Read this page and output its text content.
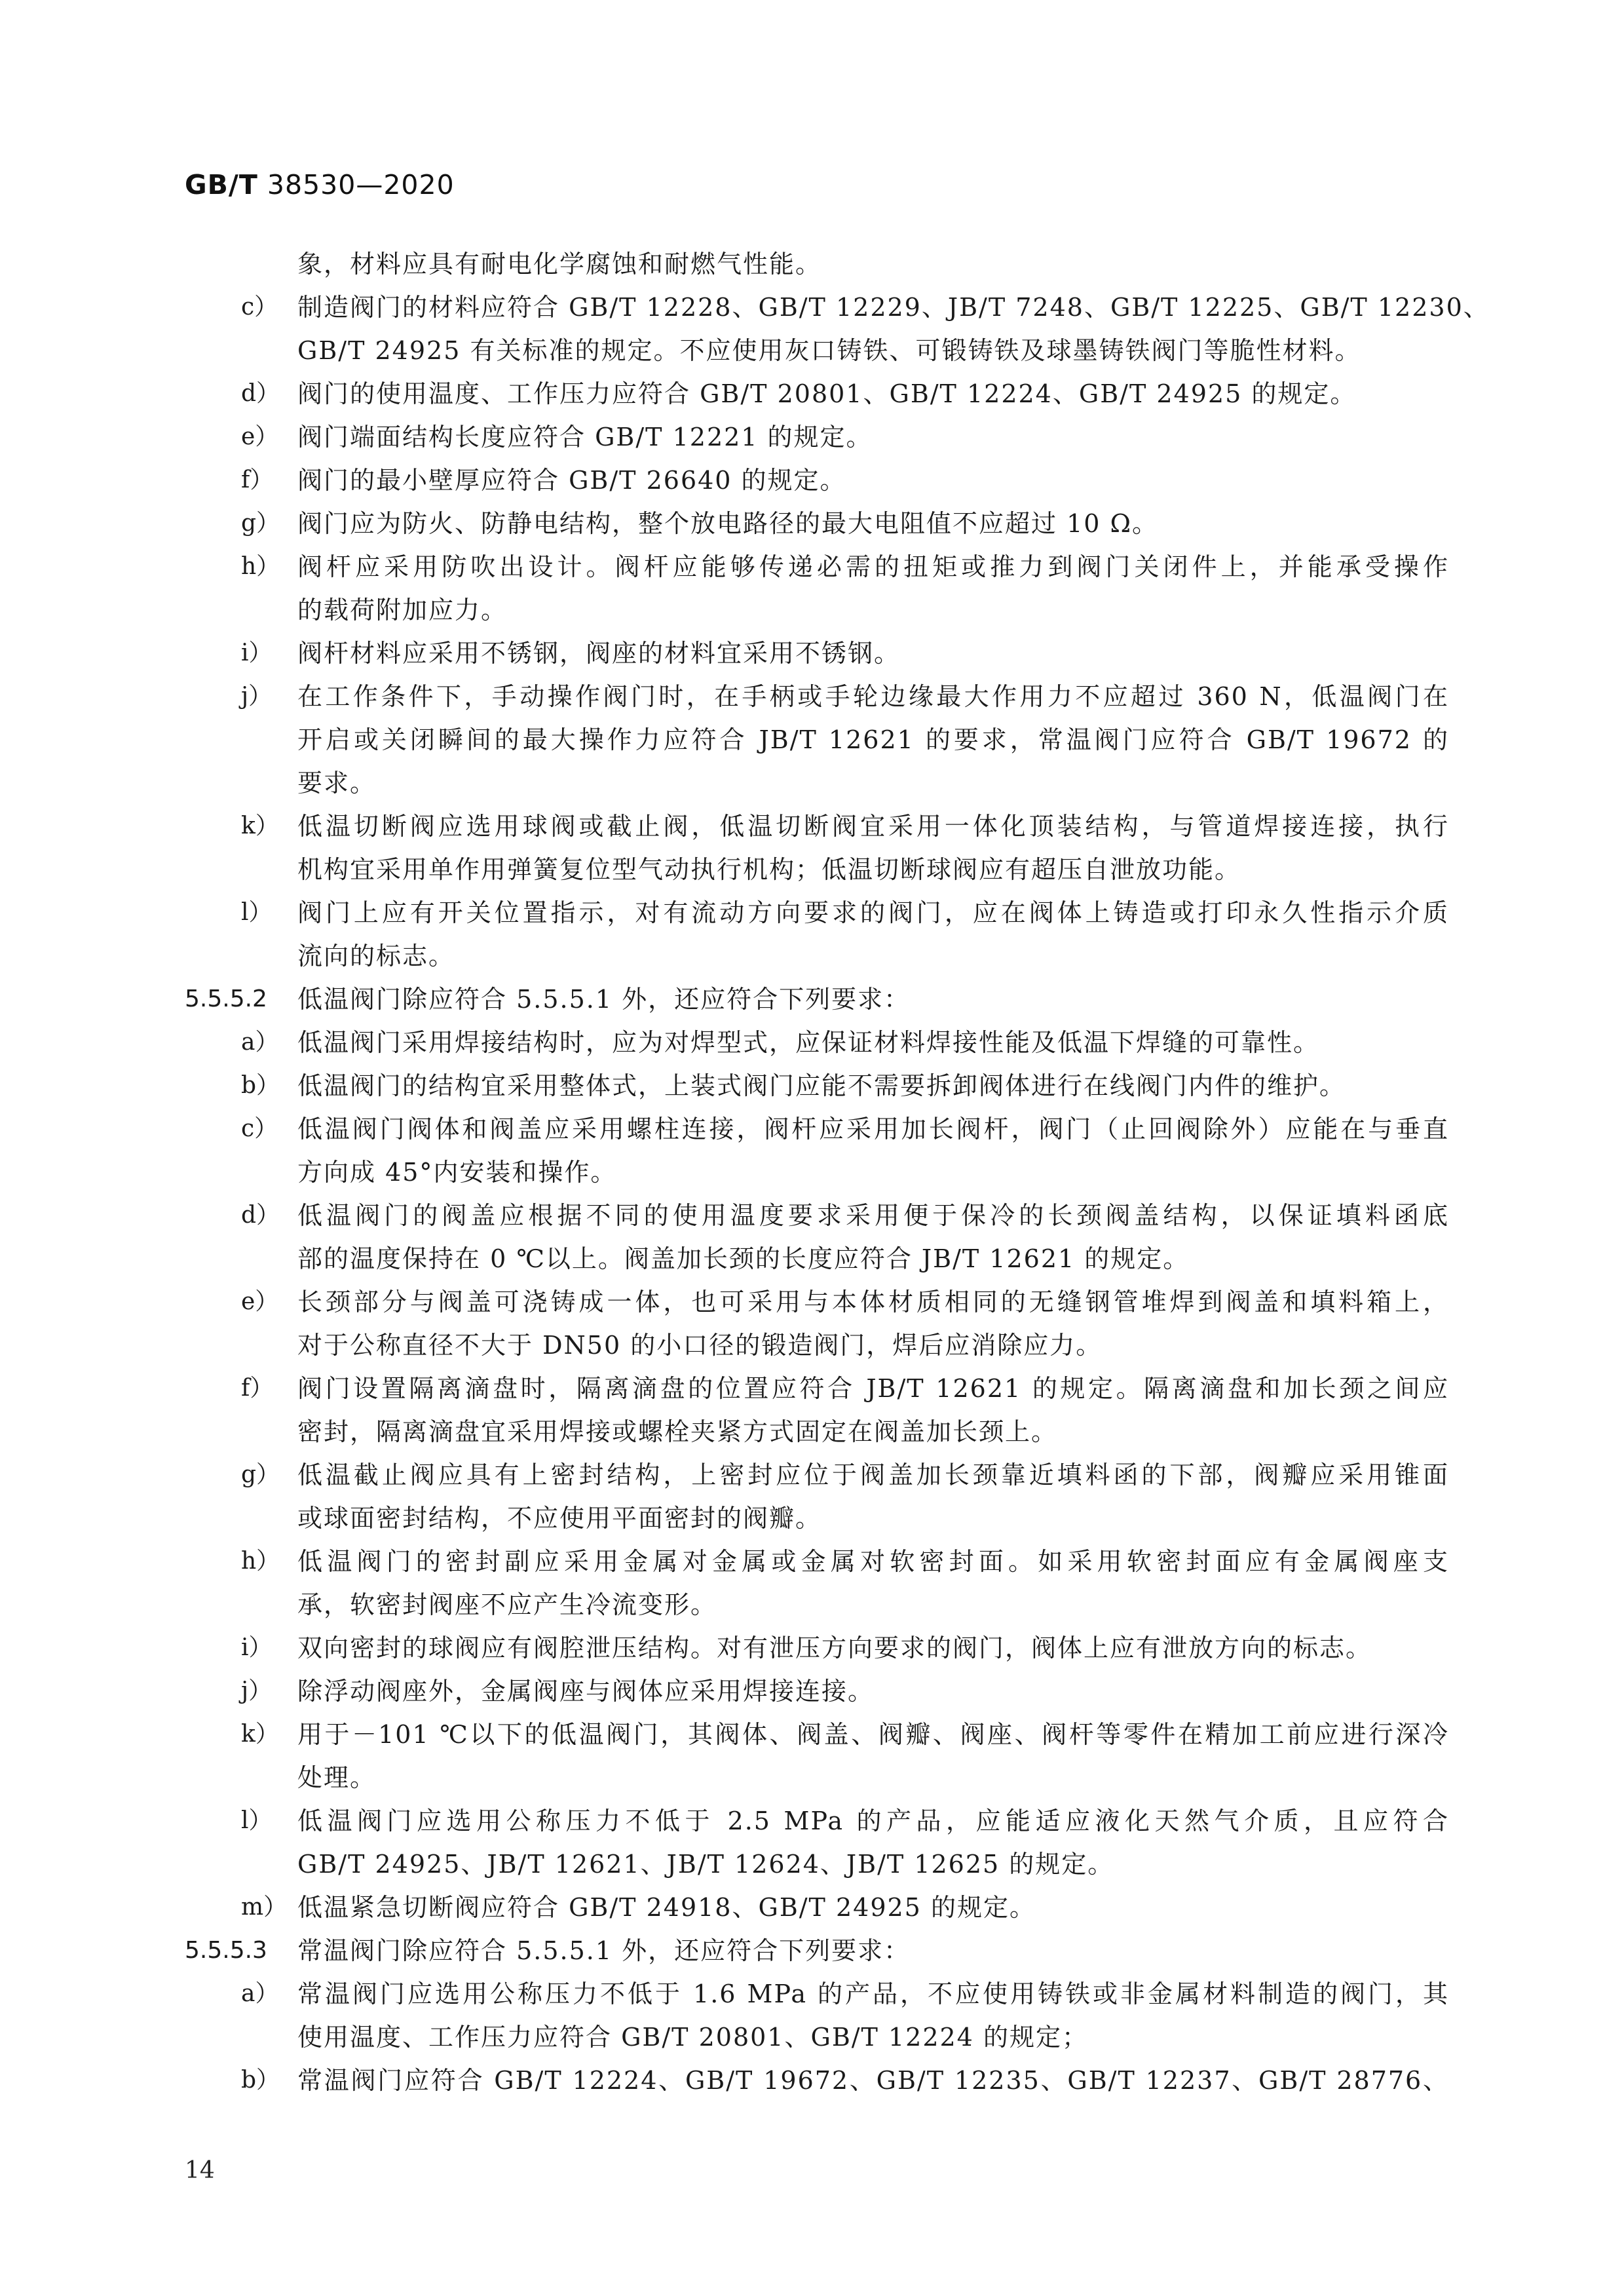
GB/T 38530—2020
象，材料应具有耐电化学腐蚀和耐燃气性能。
c） 制造阀门的材料应符合 GB/T 12228、GB/T 12229、JB/T 7248、GB/T 12225、GB/T 12230、
GB/T 24925 有关标准的规定。不应使用灰口铸铁、可锻铸铁及球墨铸铁阀门等脆性材料。
d） 阀门的使用温度、工作压力应符合 GB/T 20801、GB/T 12224、GB/T 24925 的规定。
e） 阀门端面结构长度应符合 GB/T 12221 的规定。
f） 阀门的最小壁厚应符合 GB/T 26640 的规定。
g） 阀门应为防火、防静电结构，整个放电路径的最大电阻值不应超过 10 Ω。
h） 阀杆应采用防吹出设计。阀杆应能够传递必需的扭矩或推力到阀门关闭件上，并能承受操作
的载荷附加应力。
i） 阀杆材料应采用不锈钢，阀座的材料宜采用不锈钢。
j） 在工作条件下，手动操作阀门时，在手柄或手轮边缘最大作用力不应超过 360 N，低温阀门在
开启或关闭瞬间的最大操作力应符合 JB/T 12621 的要求，常温阀门应符合 GB/T 19672 的
要求。
k） 低温切断阀应选用球阀或截止阀，低温切断阀宜采用一体化顶装结构，与管道焊接连接，执行
机构宜采用单作用弹簧复位型气动执行机构；低温切断球阀应有超压自泄放功能。
l） 阀门上应有开关位置指示，对有流动方向要求的阀门，应在阀体上铸造或打印永久性指示介质
流向的标志。
5.5.5.2 低温阀门除应符合 5.5.5.1 外，还应符合下列要求：
a） 低温阀门采用焊接结构时，应为对焊型式，应保证材料焊接性能及低温下焊缝的可靠性。
b） 低温阀门的结构宜采用整体式，上装式阀门应能不需要拆卸阀体进行在线阀门内件的维护。
c） 低温阀门阀体和阀盖应采用螺柱连接，阀杆应采用加长阀杆，阀门（止回阀除外）应能在与垂直
方向成 45°内安装和操作。
d） 低温阀门的阀盖应根据不同的使用温度要求采用便于保冷的长颈阀盖结构，以保证填料函底
部的温度保持在 0 ℃以上。阀盖加长颈的长度应符合 JB/T 12621 的规定。
e） 长颈部分与阀盖可浇铸成一体，也可采用与本体材质相同的无缝钢管堆焊到阀盖和填料箱上，
对于公称直径不大于 DN50 的小口径的锻造阀门，焊后应消除应力。
f） 阀门设置隔离滴盘时，隔离滴盘的位置应符合 JB/T 12621 的规定。隔离滴盘和加长颈之间应
密封，隔离滴盘宜采用焊接或螺栓夹紧方式固定在阀盖加长颈上。
g） 低温截止阀应具有上密封结构，上密封应位于阀盖加长颈靠近填料函的下部，阀瓣应采用锥面
或球面密封结构，不应使用平面密封的阀瓣。
h） 低温阀门的密封副应采用金属对金属或金属对软密封面。如采用软密封面应有金属阀座支
承，软密封阀座不应产生冷流变形。
i） 双向密封的球阀应有阀腔泄压结构。对有泄压方向要求的阀门，阀体上应有泄放方向的标志。
j） 除浮动阀座外，金属阀座与阀体应采用焊接连接。
k） 用于－101 ℃以下的低温阀门，其阀体、阀盖、阀瓣、阀座、阀杆等零件在精加工前应进行深冷
处理。
l） 低温阀门应选用公称压力不低于 2.5 MPa 的产品，应能适应液化天然气介质，且应符合
GB/T 24925、JB/T 12621、JB/T 12624、JB/T 12625 的规定。
m） 低温紧急切断阀应符合 GB/T 24918、GB/T 24925 的规定。
5.5.5.3 常温阀门除应符合 5.5.5.1 外，还应符合下列要求：
a） 常温阀门应选用公称压力不低于 1.6 MPa 的产品，不应使用铸铁或非金属材料制造的阀门，其
使用温度、工作压力应符合 GB/T 20801、GB/T 12224 的规定；
b） 常温阀门应符合 GB/T 12224、GB/T 19672、GB/T 12235、GB/T 12237、GB/T 28776、
14
